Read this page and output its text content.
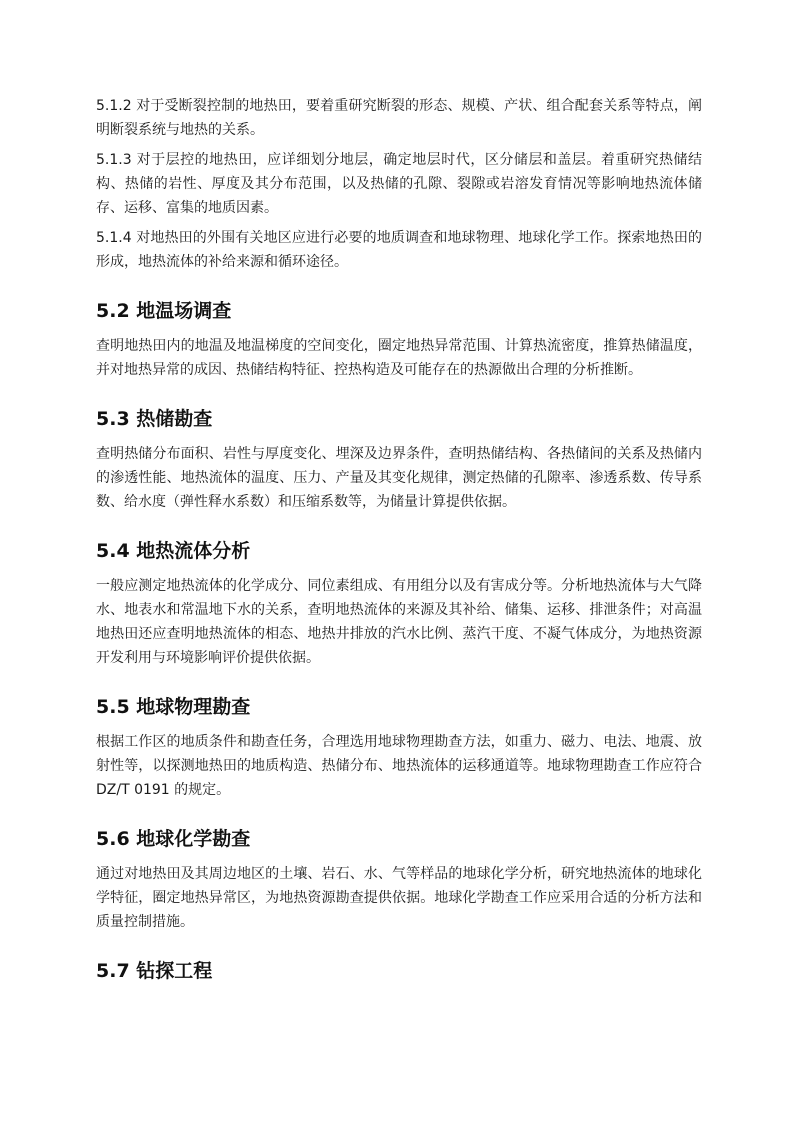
5.1.2 对于受断裂控制的地热田，要着重研究断裂的形态、规模、产状、组合配套关系等特点，阐明断裂系统与地热的关系。

5.1.3 对于层控的地热田，应详细划分地层，确定地层时代，区分储层和盖层。着重研究热储结构、热储的岩性、厚度及其分布范围，以及热储的孔隙、裂隙或岩溶发育情况等影响地热流体储存、运移、富集的地质因素。

5.1.4 对地热田的外围有关地区应进行必要的地质调查和地球物理、地球化学工作。探索地热田的形成，地热流体的补给来源和循环途径。

5.2 地温场调查

查明地热田内的地温及地温梯度的空间变化，圈定地热异常范围、计算热流密度，推算热储温度，并对地热异常的成因、热储结构特征、控热构造及可能存在的热源做出合理的分析推断。

5.3 热储勘查

查明热储分布面积、岩性与厚度变化、埋深及边界条件，查明热储结构、各热储间的关系及热储内的渗透性能、地热流体的温度、压力、产量及其变化规律，测定热储的孔隙率、渗透系数、传导系数、给水度（弹性释水系数）和压缩系数等，为储量计算提供依据。

5.4 地热流体分析

一般应测定地热流体的化学成分、同位素组成、有用组分以及有害成分等。分析地热流体与大气降水、地表水和常温地下水的关系，查明地热流体的来源及其补给、储集、运移、排泄条件；对高温地热田还应查明地热流体的相态、地热井排放的汽水比例、蒸汽干度、不凝气体成分，为地热资源开发利用与环境影响评价提供依据。

5.5 地球物理勘查

根据工作区的地质条件和勘查任务，合理选用地球物理勘查方法，如重力、磁力、电法、地震、放射性等，以探测地热田的地质构造、热储分布、地热流体的运移通道等。地球物理勘查工作应符合 DZ/T 0191 的规定。

5.6 地球化学勘查

通过对地热田及其周边地区的土壤、岩石、水、气等样品的地球化学分析，研究地热流体的地球化学特征，圈定地热异常区，为地热资源勘查提供依据。地球化学勘查工作应采用合适的分析方法和质量控制措施。

5.7 钻探工程
